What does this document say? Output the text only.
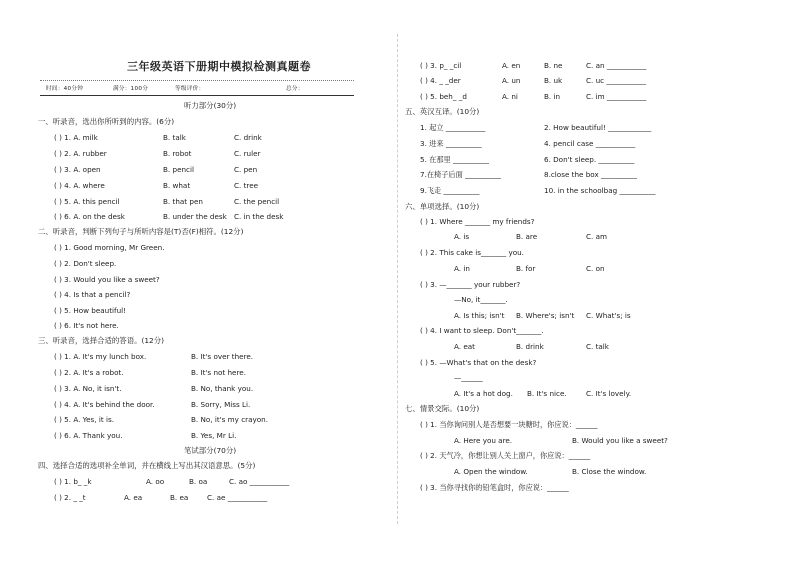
三年级英语下册期中模拟检测真题卷
时间：40分钟	满分：100分	等级评价：	总分：
听力部分(30分)
一、听录音，选出你所听到的内容。(6分)
( ) 1. A. milk	B. talk	C. drink
( ) 2. A. rubber	B. robot	C. ruler
( ) 3. A. open	B. pencil	C. pen
( ) 4. A. where	B. what	C. tree
( ) 5. A. this pencil	B. that pen	C. the pencil
( ) 6. A. on the desk	B. under the desk C. in the desk
二、听录音，判断下列句子与所听内容是(T)否(F)相符。(12分)
( ) 1. Good morning, Mr Green.
( ) 2. Don't sleep.
( ) 3. Would you like a sweet?
( ) 4. Is that a pencil?
( ) 5. How beautiful!
( ) 6. It's not here.
三、听录音，选择合适的答语。(12分)
( ) 1. A. It's my lunch box.	B. It's over there.
( ) 2. A. It's a robot.	B. It's not here.
( ) 3. A. No, it isn't.	B. No, thank you.
( ) 4. A. It's behind the door.	B. Sorry, Miss Li.
( ) 5. A. Yes, it is.	B. No, it's my crayon.
( ) 6. A. Thank you.	B. Yes, Mr Li.
笔试部分(70分)
四、选择合适的选项补全单词，并在横线上写出其汉语意思。(5分)
( ) 1. b_ _k	A. oo	B. oa	C. ao ___________
( ) 2. _ _t	A. ea	B. ea	C. ae ___________
( ) 3. p_ _cil	A. en	B. ne	C. an ___________
( ) 4. _ _der	A. un	B. uk	C. uc ___________
( ) 5. beh_ _d	A. ni	B. in	C. im ___________
五、英汉互译。(10分)
1. 起立 ___________	2. How beautiful! ____________
3. 进来 __________	4. pencil case ___________
5. 在那里 __________	6. Don't sleep. __________
7.在椅子后面 __________	8.close the box __________
9.飞走 __________	10. in the schoolbag __________
六、单项选择。(10分)
( ) 1. Where _______ my friends?
A. is	B. are	C. am
( ) 2. This cake is_______ you.
A. in	B. for	C. on
( ) 3. —_______ your rubber?
—No, it_______.
A. Is this; isn't B. Where's; isn't C. What's; is
( ) 4. I want to sleep. Don't_______.
A. eat	B. drink	C. talk
( ) 5. —What's that on the desk?
—______
A. It's a hot dog. B. It's nice.	C. It's lovely.
七、情景交际。(10分)
( ) 1. 当你询问别人是否想要一块糖时，你应说：______
A. Here you are.	B. Would you like a sweet?
( ) 2. 天气冷，你想让别人关上窗户，你应说：______
A. Open the window.	B. Close the window.
( ) 3. 当你寻找你的铅笔盒时，你应说：______
